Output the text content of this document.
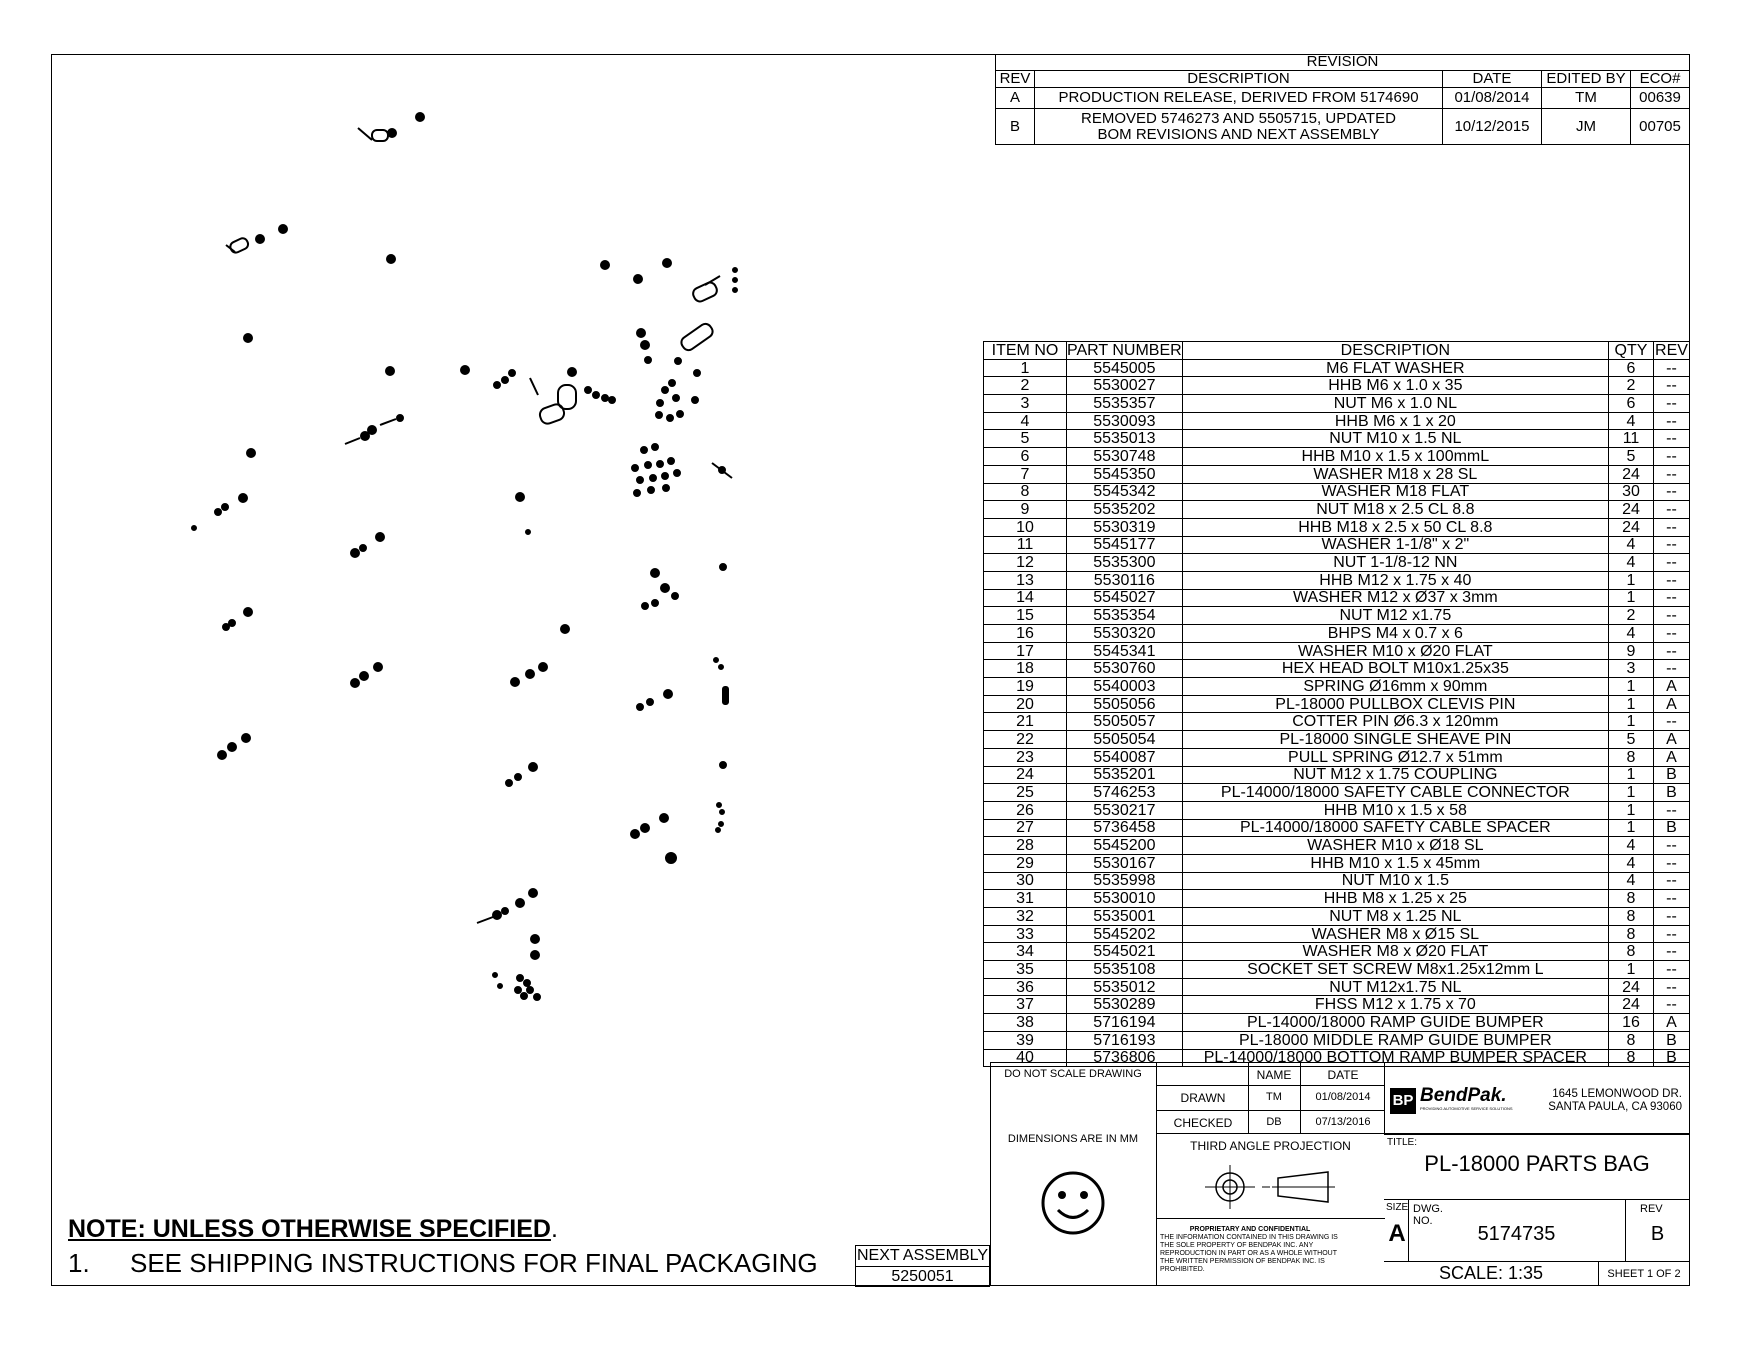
REVISION				
REV	DESCRIPTION	DATE	EDITED BY	ECO#
A	PRODUCTION RELEASE, DERIVED FROM 5174690	01/08/2014	TM	00639
B	REMOVED 5746273 AND 5505715, UPDATED
BOM REVISIONS AND NEXT ASSEMBLY	10/12/2015	JM	00705
ITEM NO	PART NUMBER	DESCRIPTION	QTY	REV
1	5545005	M6 FLAT WASHER	6	--
2	5530027	HHB M6 x 1.0 x 35	2	--
3	5535357	NUT M6 x 1.0 NL	6	--
4	5530093	HHB M6 x 1 x 20	4	--
5	5535013	NUT M10 x 1.5 NL	11	--
6	5530748	HHB M10 x 1.5 x 100mmL	5	--
7	5545350	WASHER M18 x 28 SL	24	--
8	5545342	WASHER M18 FLAT	30	--
9	5535202	NUT M18 x 2.5 CL 8.8	24	--
10	5530319	HHB M18 x 2.5 x 50 CL 8.8	24	--
11	5545177	WASHER 1-1/8" x 2"	4	--
12	5535300	NUT 1-1/8-12 NN	4	--
13	5530116	HHB M12 x 1.75 x 40	1	--
14	5545027	WASHER M12 x Ø37 x 3mm	1	--
15	5535354	NUT M12 x1.75	2	--
16	5530320	BHPS M4 x 0.7 x 6	4	--
17	5545341	WASHER M10 x Ø20 FLAT	9	--
18	5530760	HEX HEAD BOLT M10x1.25x35	3	--
19	5540003	SPRING Ø16mm x 90mm	1	A
20	5505056	PL-18000 PULLBOX CLEVIS PIN	1	A
21	5505057	COTTER PIN Ø6.3 x 120mm	1	--
22	5505054	PL-18000 SINGLE SHEAVE PIN	5	A
23	5540087	PULL SPRING Ø12.7 x 51mm	8	A
24	5535201	NUT M12 x 1.75 COUPLING	1	B
25	5746253	PL-14000/18000 SAFETY CABLE CONNECTOR	1	B
26	5530217	HHB M10 x 1.5 x 58	1	--
27	5736458	PL-14000/18000 SAFETY CABLE SPACER	1	B
28	5545200	WASHER M10 x Ø18 SL	4	--
29	5530167	HHB M10 x 1.5 x 45mm	4	--
30	5535998	NUT M10 x 1.5	4	--
31	5530010	HHB M8 x 1.25 x 25	8	--
32	5535001	NUT M8 x 1.25 NL	8	--
33	5545202	WASHER M8 x Ø15 SL	8	--
34	5545021	WASHER M8 x Ø20 FLAT	8	--
35	5535108	SOCKET SET SCREW M8x1.25x12mm L	1	--
36	5535012	NUT M12x1.75 NL	24	--
37	5530289	FHSS M12 x 1.75 x 70	24	--
38	5716194	PL-14000/18000 RAMP GUIDE BUMPER	16	A
39	5716193	PL-18000 MIDDLE RAMP GUIDE BUMPER	8	B
40	5736806	PL-14000/18000 BOTTOM RAMP BUMPER SPACER	8	B
DO NOT SCALE DRAWING
DIMENSIONS ARE IN MM
NAME	DATE
DRAWN	TM	01/08/2014
CHECKED	DB	07/13/2016
THIRD ANGLE PROJECTION
PROPRIETARY AND CONFIDENTIAL
THE INFORMATION CONTAINED IN THIS DRAWING IS THE SOLE PROPERTY OF BENDPAK INC. ANY REPRODUCTION IN PART OR AS A WHOLE WITHOUT THE WRITTEN PERMISSION OF BENDPAK INC. IS PROHIBITED.
BP BendPak.
PROVIDING AUTOMOTIVE SERVICE SOLUTIONS
1645 LEMONWOOD DR.
SANTA PAULA, CA 93060
TITLE:
PL-18000 PARTS BAG
SIZE
A
DWG. NO.
5174735
REV
B
SCALE: 1:35	SHEET 1 OF 2
NEXT ASSEMBLY
5250051
NOTE: UNLESS OTHERWISE SPECIFIED.
1. SEE SHIPPING INSTRUCTIONS FOR FINAL PACKAGING
